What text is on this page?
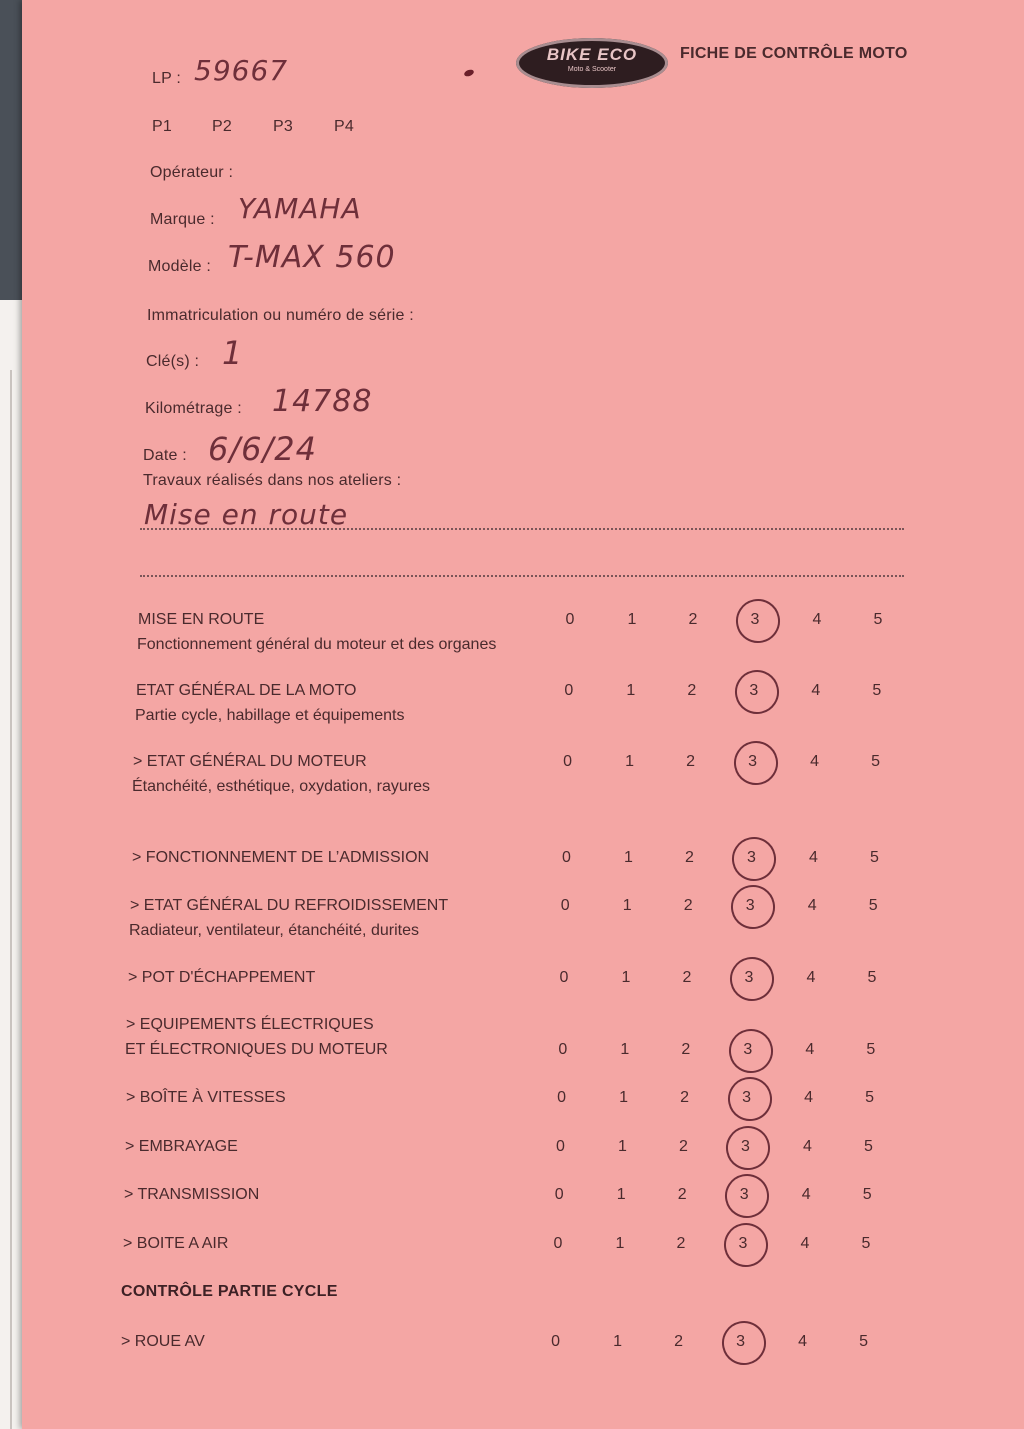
BIKE ECO
Moto & Scooter
FICHE DE CONTRÔLE MOTO
LP : 59667
P1	P2	P3	P4
Opérateur :
Marque : YAMAHA
Modèle : T-MAX 560
Immatriculation ou numéro de série :
Clé(s) : 1
Kilométrage : 14788
Date : 6/6/24
Travaux réalisés dans nos ateliers :
Mise en route
MISE EN ROUTE
Fonctionnement général du moteur et des organes
0	1	2	3	4	5
ETAT GÉNÉRAL DE LA MOTO
Partie cycle, habillage et équipements
0	1	2	3	4	5
> ETAT GÉNÉRAL DU MOTEUR
Étanchéité, esthétique, oxydation, rayures
0	1	2	3	4	5
> FONCTIONNEMENT DE L’ADMISSION	0	1	2	3	4	5
> ETAT GÉNÉRAL DU REFROIDISSEMENT
Radiateur, ventilateur, étanchéité, durites
0	1	2	3	4	5
> POT D'ÉCHAPPEMENT	0	1	2	3	4	5
> EQUIPEMENTS ÉLECTRIQUES
ET ÉLECTRONIQUES DU MOTEUR	0	1	2	3	4	5
> BOÎTE À VITESSES	0	1	2	3	4	5
> EMBRAYAGE	0	1	2	3	4	5
> TRANSMISSION	0	1	2	3	4	5
> BOITE A AIR	0	1	2	3	4	5
> ROUE AV	0	1	2	3	4	5
CONTRÔLE PARTIE CYCLE
